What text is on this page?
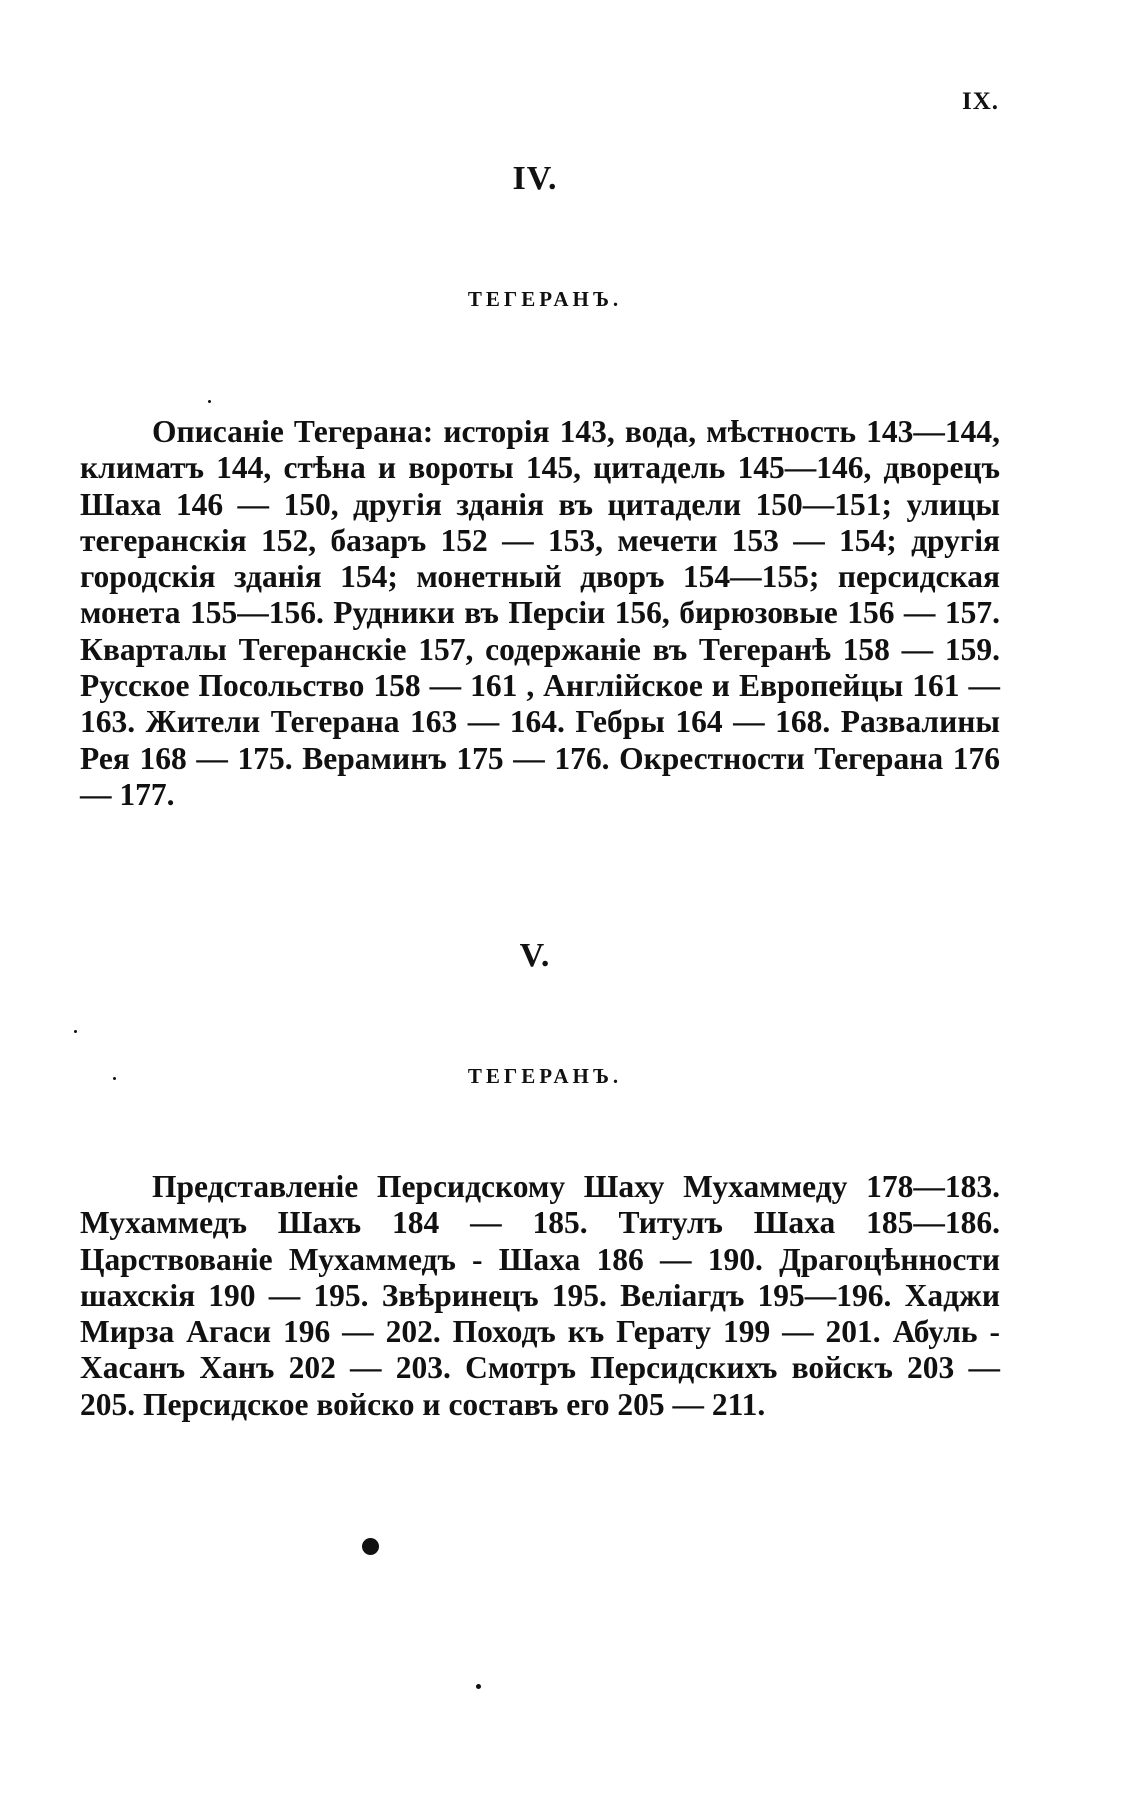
IX.
IV.
ТЕГЕРАНЪ.

Описаніе Тегерана: исторія 143, вода, мѣстность 143—144, климатъ 144, стѣна и вороты 145, цитадель 145—146, дворецъ Шаха 146 — 150, другія зданія въ цитадели 150—151; улицы тегеранскія 152, базаръ 152 — 153, мечети 153 — 154; другія городскія зданія 154; монетный дворъ 154—155; персидская монета 155—156. Рудники въ Персіи 156, бирюзовые 156 — 157. Кварталы Тегеранскіе 157, содержаніе въ Тегеранѣ 158 — 159. Русское Посольство 158 — 161 , Англійское и Европейцы 161 — 163. Жители Тегерана 163 — 164. Гебры 164 — 168. Развалины Рея 168 — 175. Вераминъ 175 — 176. Окрестности Тегерана 176 — 177.

V.
ТЕГЕРАНЪ.

Представленіе Персидскому Шаху Мухаммеду 178—183. Мухаммедъ Шахъ 184 — 185. Титулъ Шаха 185—186. Царствованіе Мухаммедъ - Шаха 186 — 190. Драгоцѣнности шахскія 190 — 195. Звѣринецъ 195. Веліагдъ 195—196. Хаджи Мирза Агаси 196 — 202. Походъ къ Герату 199 — 201. Абуль - Хасанъ Ханъ 202 — 203. Смотръ Персидскихъ войскъ 203 — 205. Персидское войско и составъ его 205 — 211.
